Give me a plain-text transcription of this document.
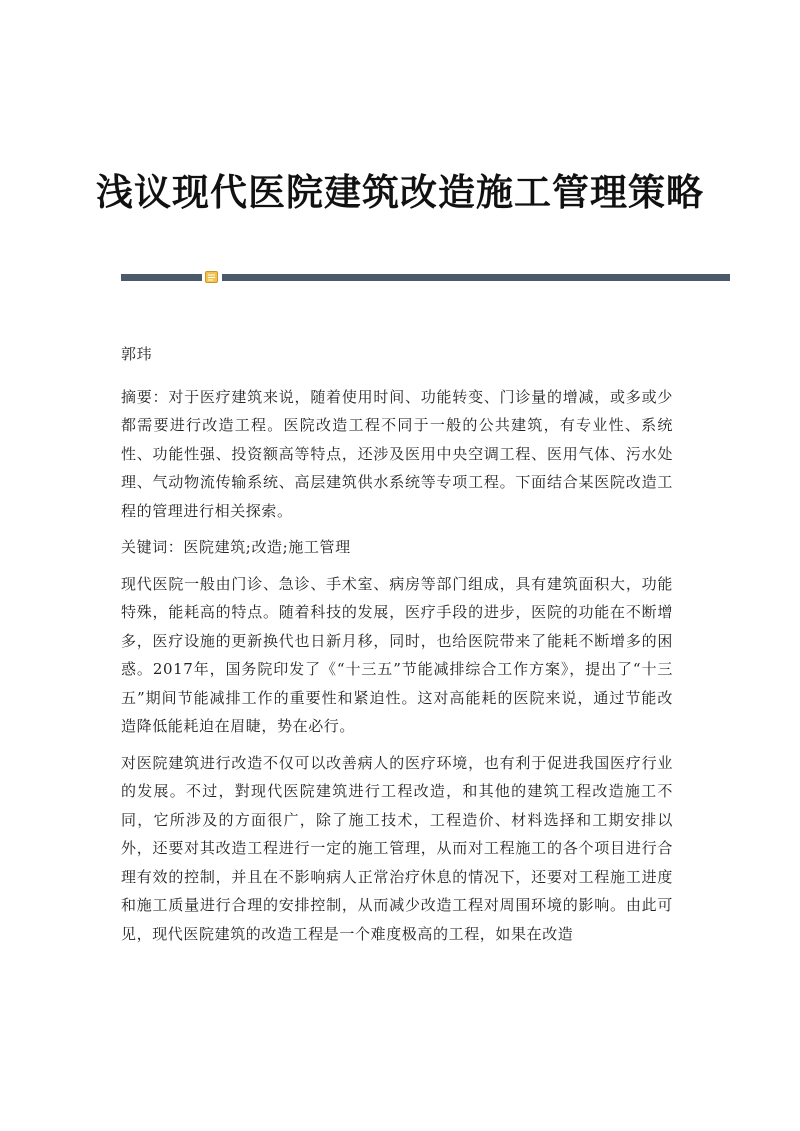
浅议现代医院建筑改造施工管理策略

郭玮

摘要：对于医疗建筑来说，随着使用时间、功能转变、门诊量的增减，或多或少都需要进行改造工程。医院改造工程不同于一般的公共建筑，有专业性、系统性、功能性强、投资额高等特点，还涉及医用中央空调工程、医用气体、污水处理、气动物流传输系统、高层建筑供水系统等专项工程。下面结合某医院改造工程的管理进行相关探索。

关键词：医院建筑;改造;施工管理

现代医院一般由门诊、急诊、手术室、病房等部门组成，具有建筑面积大，功能特殊，能耗高的特点。随着科技的发展，医疗手段的进步，医院的功能在不断增多，医疗设施的更新换代也日新月移，同时，也给医院带来了能耗不断增多的困惑。2017年，国务院印发了《“十三五”节能减排综合工作方案》，提出了“十三五”期间节能减排工作的重要性和紧迫性。这对高能耗的医院来说，通过节能改造降低能耗迫在眉睫，势在必行。

对医院建筑进行改造不仅可以改善病人的医疗环境，也有利于促进我国医疗行业的发展。不过，對现代医院建筑进行工程改造，和其他的建筑工程改造施工不同，它所涉及的方面很广，除了施工技术，工程造价、材料选择和工期安排以外，还要对其改造工程进行一定的施工管理，从而对工程施工的各个项目进行合理有效的控制，并且在不影响病人正常治疗休息的情况下，还要对工程施工进度和施工质量进行合理的安排控制，从而减少改造工程对周围环境的影响。由此可见，现代医院建筑的改造工程是一个难度极高的工程，如果在改造
